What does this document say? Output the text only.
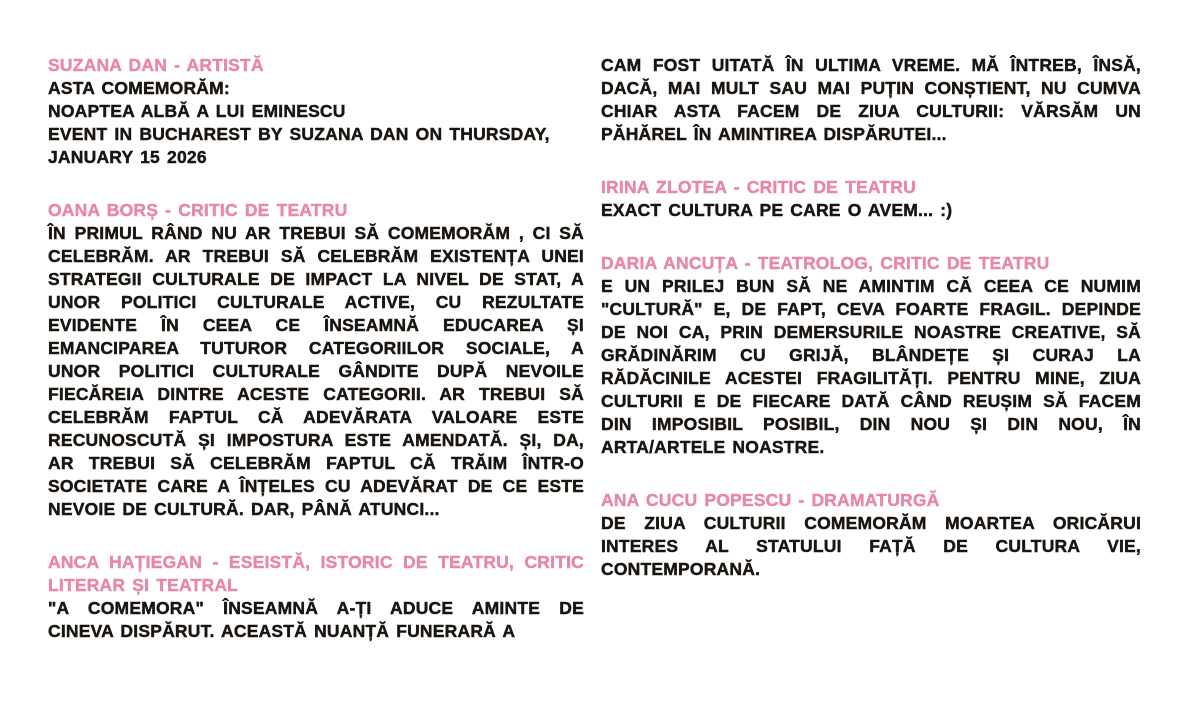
SUZANA DAN - ARTISTĂ
ASTA COMEMORĂM:
NOAPTEA ALBĂ A LUI EMINESCU
EVENT IN BUCHAREST BY SUZANA DAN ON THURSDAY,
JANUARY 15 2026
OANA BORȘ - CRITIC DE TEATRU

ÎN PRIMUL RÂND NU AR TREBUI SĂ COMEMORĂM , CI SĂ CELEBRĂM. AR TREBUI SĂ CELEBRĂM EXISTENȚA UNEI STRATEGII CULTURALE DE IMPACT LA NIVEL DE STAT, A UNOR POLITICI CULTURALE ACTIVE, CU REZULTATE EVIDENTE ÎN CEEA CE ÎNSEAMNĂ EDUCAREA ȘI EMANCIPAREA TUTUROR CATEGORIILOR SOCIALE, A UNOR POLITICI CULTURALE GÂNDITE DUPĂ NEVOILE FIECĂREIA DINTRE ACESTE CATEGORII. AR TREBUI SĂ CELEBRĂM FAPTUL CĂ ADEVĂRATA VALOARE ESTE RECUNOSCUTĂ ȘI IMPOSTURA ESTE AMENDATĂ. ȘI, DA, AR TREBUI SĂ CELEBRĂM FAPTUL CĂ TRĂIM ÎNTR-O SOCIETATE CARE A ÎNȚELES CU ADEVĂRAT DE CE ESTE NEVOIE DE CULTURĂ. DAR, PÂNĂ ATUNCI...

ANCA HAȚIEGAN - ESEISTĂ, ISTORIC DE TEATRU, CRITIC LITERAR ȘI TEATRAL

"A COMEMORA" ÎNSEAMNĂ A-ȚI ADUCE AMINTE DE CINEVA DISPĂRUT. ACEASTĂ NUANȚĂ FUNERARĂ A

CAM FOST UITATĂ ÎN ULTIMA VREME. MĂ ÎNTREB, ÎNSĂ, DACĂ, MAI MULT SAU MAI PUȚIN CONȘTIENT, NU CUMVA CHIAR ASTA FACEM DE ZIUA CULTURII: VĂRSĂM UN PĂHĂREL ÎN AMINTIREA DISPĂRUTEI...

IRINA ZLOTEA - CRITIC DE TEATRU

EXACT CULTURA PE CARE O AVEM... :)

DARIA ANCUȚA - TEATROLOG, CRITIC DE TEATRU

E UN PRILEJ BUN SĂ NE AMINTIM CĂ CEEA CE NUMIM "CULTURĂ" E, DE FAPT, CEVA FOARTE FRAGIL. DEPINDE DE NOI CA, PRIN DEMERSURILE NOASTRE CREATIVE, SĂ GRĂDINĂRIM CU GRIJĂ, BLÂNDEȚE ȘI CURAJ LA RĂDĂCINILE ACESTEI FRAGILITĂȚI. PENTRU MINE, ZIUA CULTURII E DE FIECARE DATĂ CÂND REUȘIM SĂ FACEM DIN IMPOSIBIL POSIBIL, DIN NOU ȘI DIN NOU, ÎN ARTA/ARTELE NOASTRE.

ANA CUCU POPESCU - DRAMATURGĂ

DE ZIUA CULTURII COMEMORĂM MOARTEA ORICĂRUI INTERES AL STATULUI FAȚĂ DE CULTURA VIE, CONTEMPORANĂ.
